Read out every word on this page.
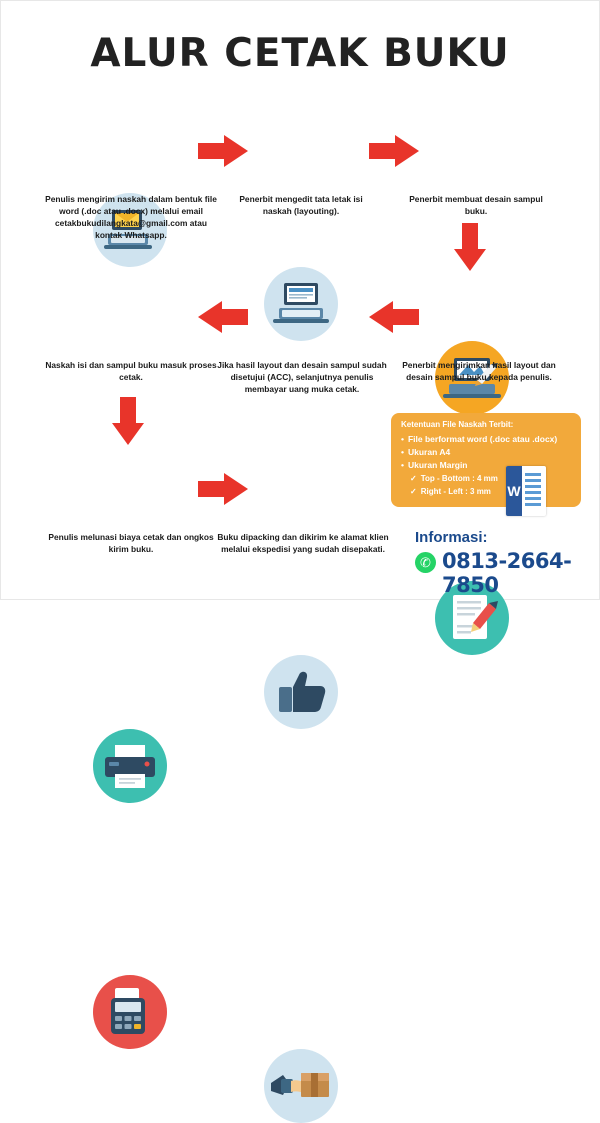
ALUR CETAK BUKU
Penulis mengirim naskah dalam bentuk file word (.doc atau .docx) melalui email cetakbukudilangkata@gmail.com atau kontak Whatsapp.
Penerbit mengedit tata letak isi naskah (layouting).
Penerbit membuat desain sampul buku.
Penerbit mengirimkan hasil layout dan desain sampul buku kepada penulis.
Jika hasil layout dan desain sampul sudah disetujui (ACC), selanjutnya penulis membayar uang muka cetak.
Naskah isi dan sampul buku masuk proses cetak.
Penulis melunasi biaya cetak dan ongkos kirim buku.
Buku dipacking dan dikirim ke alamat klien melalui ekspedisi yang sudah disepakati.
Ketentuan File Naskah Terbit:
• File berformat word (.doc atau .docx)
• Ukuran A4
• Ukuran Margin
✓ Top - Bottom : 4 mm
✓ Right - Left : 3 mm	W
Informasi:
✆ 0813-2664-7850
